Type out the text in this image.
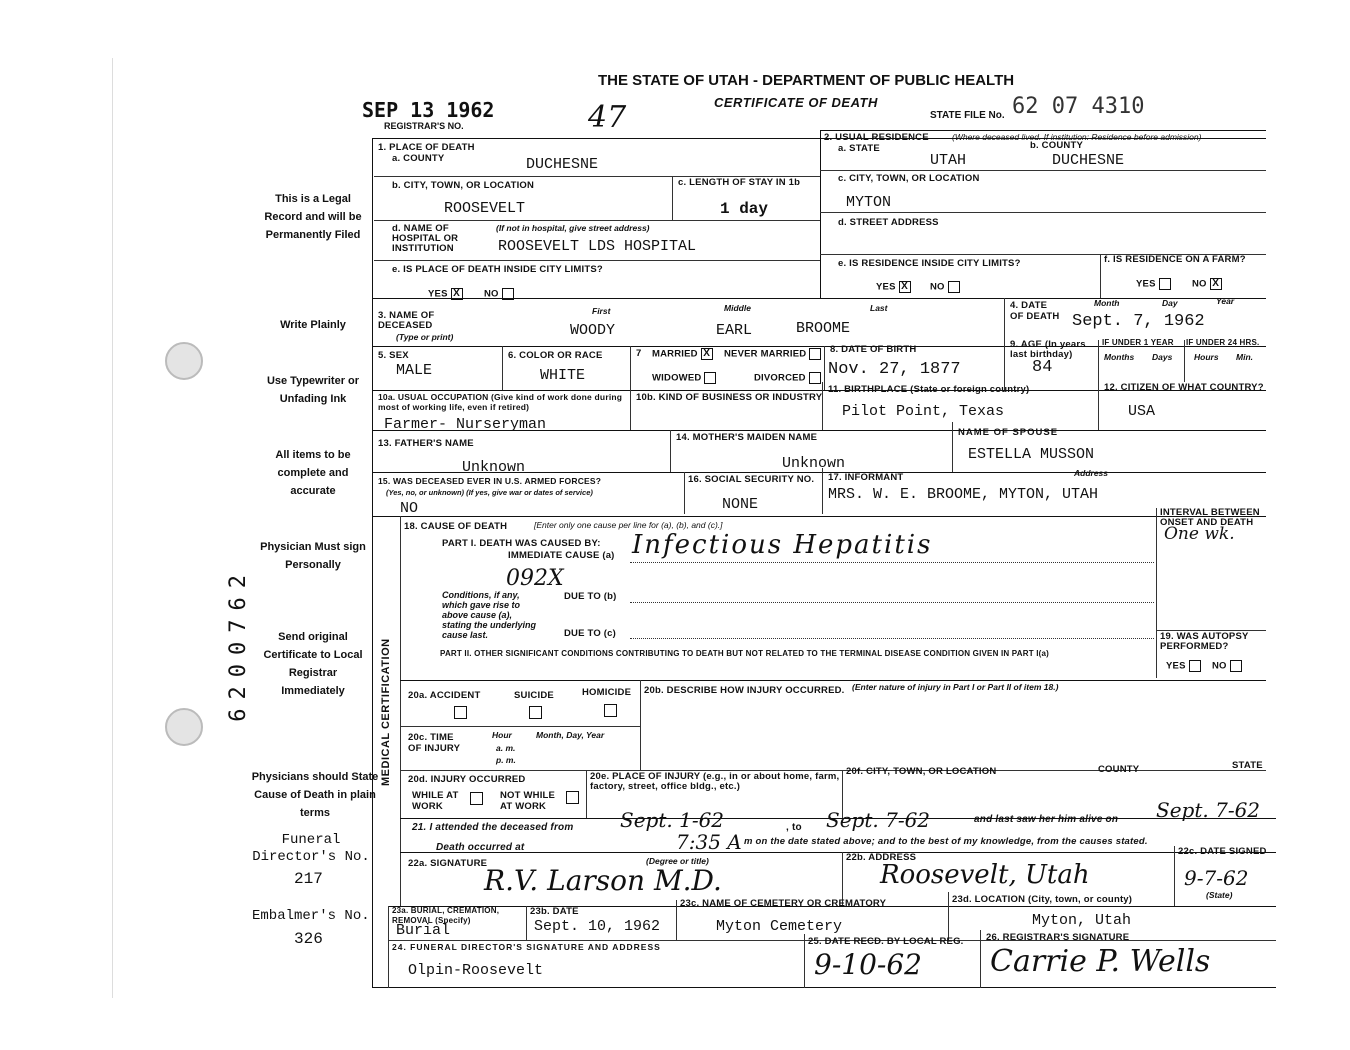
THE STATE OF UTAH - DEPARTMENT OF PUBLIC HEALTH
CERTIFICATE OF DEATH
STATE FILE No. 62 07 4310
SEP 13 1962
REGISTRAR'S NO.	47
This is a Legal Record and will be Permanently Filed
Write Plainly
Use Typewriter or Unfading Ink
All items to be complete and accurate
Physician Must sign Personally
Send original Certificate to Local Registrar Immediately
Physicians should State Cause of Death in plain terms
6200762
Funeral Director's No.
217
Embalmer's No.
326
1. PLACE OF DEATH
a. COUNTY	DUCHESNE
b. CITY, TOWN, OR LOCATION
ROOSEVELT
c. LENGTH OF STAY IN 1b
1 day
d. NAME OF HOSPITAL OR INSTITUTION
(If not in hospital, give street address)
ROOSEVELT LDS HOSPITAL
e. IS PLACE OF DEATH INSIDE CITY LIMITS?
YES X	NO
2. USUAL RESIDENCE	(Where deceased lived. If institution: Residence before admission)
a. STATE
UTAH
b. COUNTY
DUCHESNE
c. CITY, TOWN, OR LOCATION
MYTON
d. STREET ADDRESS
e. IS RESIDENCE INSIDE CITY LIMITS?
YES X	NO
f. IS RESIDENCE ON A FARM?
YES	NO X
3. NAME OF DECEASED
(Type or print)
First	Middle	Last
WOODY	EARL	BROOME
4. DATE OF DEATH
Month	Day	Year
Sept. 7, 1962
5. SEX
MALE
6. COLOR OR RACE
WHITE
7 MARRIED X	NEVER MARRIED
WIDOWED	DIVORCED
8. DATE OF BIRTH
Nov. 27, 1877
9. AGE (In years last birthday)
84
IF UNDER 1 YEAR
Months Days
IF UNDER 24 HRS.
Hours Min.
10a. USUAL OCCUPATION (Give kind of work done during most of working life, even if retired)
Farmer- Nurseryman
10b. KIND OF BUSINESS OR INDUSTRY
11. BIRTHPLACE (State or foreign country)
Pilot Point, Texas
12. CITIZEN OF WHAT COUNTRY?
USA
13. FATHER'S NAME
Unknown
14. MOTHER'S MAIDEN NAME
Unknown
NAME OF SPOUSE
ESTELLA MUSSON
15. WAS DECEASED EVER IN U.S. ARMED FORCES?
(Yes, no, or unknown) (If yes, give war or dates of service)
NO
16. SOCIAL SECURITY NO.
NONE
17. INFORMANT	Address
MRS. W. E. BROOME, MYTON, UTAH
MEDICAL CERTIFICATION
18. CAUSE OF DEATH	[Enter only one cause per line for (a), (b), and (c).]
PART I. DEATH WAS CAUSED BY:
IMMEDIATE CAUSE (a) Infectious Hepatitis
INTERVAL BETWEEN ONSET AND DEATH
One wk.
092X
Conditions, if any, which gave rise to above cause (a), stating the underlying cause last.
DUE TO (b)
DUE TO (c)
PART II. OTHER SIGNIFICANT CONDITIONS CONTRIBUTING TO DEATH BUT NOT RELATED TO THE TERMINAL DISEASE CONDITION GIVEN IN PART I(a)
19. WAS AUTOPSY PERFORMED?
YES	NO
20a. ACCIDENT	SUICIDE	HOMICIDE 20b. DESCRIBE HOW INJURY OCCURRED. (Enter nature of injury in Part I or Part II of item 18.)
20c. TIME OF INJURY
Hour
a. m.
p. m.
Month, Day, Year
20d. INJURY OCCURRED
WHILE AT WORK
NOT WHILE AT WORK
20e. PLACE OF INJURY (e.g., in or about home, farm, factory, street, office bldg., etc.)
20f. CITY, TOWN, OR LOCATION	COUNTY	STATE
21. I attended the deceased from Sept. 1-62	, to Sept. 7-62	and last saw her him alive on Sept. 7-62
Death occurred at	7:35 A m on the date stated above; and to the best of my knowledge, from the causes stated.
22a. SIGNATURE	(Degree or title)
R.V. Larson M.D.
22b. ADDRESS
Roosevelt, Utah
22c. DATE SIGNED
9-7-62
23a. BURIAL, CREMATION, REMOVAL (Specify)
Burial
23b. DATE
Sept. 10, 1962
23c. NAME OF CEMETERY OR CREMATORY
Myton Cemetery
23d. LOCATION (City, town, or county)	(State)
Myton, Utah
24. FUNERAL DIRECTOR'S SIGNATURE AND ADDRESS
Olpin-Roosevelt
25. DATE RECD. BY LOCAL REG.
9-10-62
26. REGISTRAR'S SIGNATURE
Carrie P. Wells
